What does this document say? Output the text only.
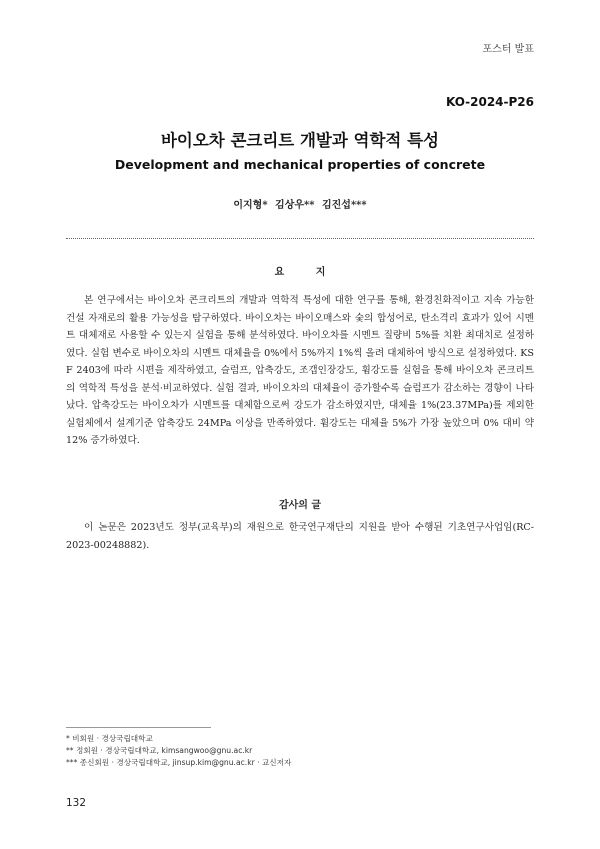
포스터 발표
KO-2024-P26
바이오차 콘크리트 개발과 역학적 특성
Development and mechanical properties of concrete
이지형* 김상우** 김진섭***
요 지

본 연구에서는 바이오차 콘크리트의 개발과 역학적 특성에 대한 연구를 통해, 환경친화적이고 지속 가능한 건설 자재로의 활용 가능성을 탐구하였다. 바이오차는 바이오매스와 숯의 합성어로, 탄소격리 효과가 있어 시멘트 대체재로 사용할 수 있는지 실험을 통해 분석하였다. 바이오차를 시멘트 질량비 5%를 치환 최대치로 설정하였다. 실험 변수로 바이오차의 시멘트 대체율을 0%에서 5%까지 1%씩 올려 대체하여 방식으로 설정하였다. KS F 2403에 따라 시편을 제작하였고, 슬럼프, 압축강도, 조갭인장강도, 휨강도를 실험을 통해 바이오차 콘크리트의 역학적 특성을 분석·비교하였다. 실험 결과, 바이오차의 대체율이 증가할수록 슬럼프가 감소하는 경향이 나타났다. 압축강도는 바이오차가 시멘트를 대체함으로써 강도가 감소하였지만, 대체율 1%(23.37MPa)를 제외한 실험체에서 설계기준 압축강도 24MPa 이상을 만족하였다. 휨강도는 대체율 5%가 가장 높았으며 0% 대비 약 12% 증가하였다.

감사의 글

이 논문은 2023년도 정부(교육부)의 재원으로 한국연구재단의 지원을 받아 수행된 기초연구사업임(RC-2023-00248882).

* 비회원 · 경상국립대학교
** 정회원 · 경상국립대학교, kimsangwoo@gnu.ac.kr
*** 종신회원 · 경상국립대학교, jinsup.kim@gnu.ac.kr · 교신저자
132
